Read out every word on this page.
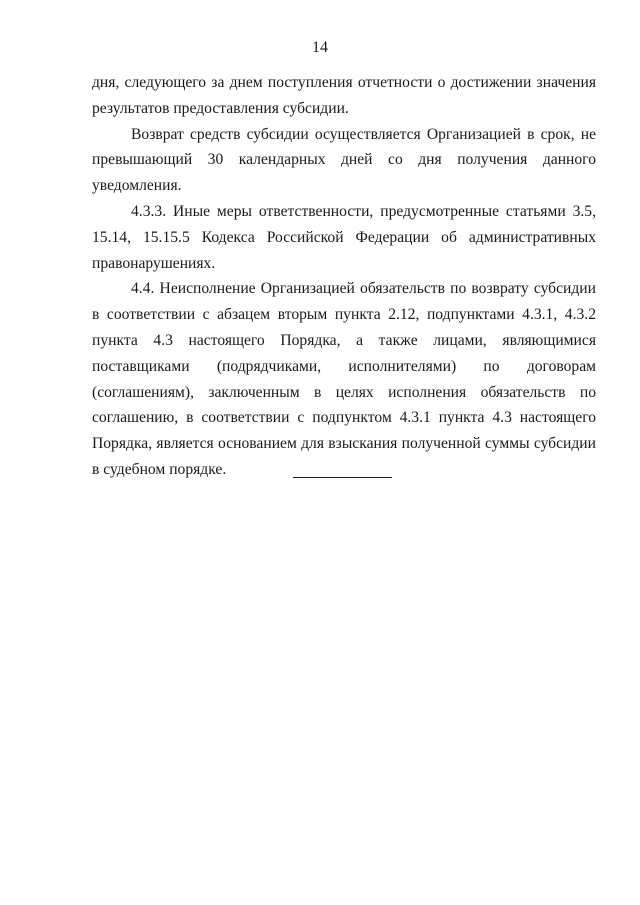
14

дня, следующего за днем поступления отчетности о достижении значения результатов предоставления субсидии.

Возврат средств субсидии осуществляется Организацией в срок, не превышающий 30 календарных дней со дня получения данного уведомления.

4.3.3. Иные меры ответственности, предусмотренные статьями 3.5, 15.14, 15.15.5 Кодекса Российской Федерации об административных правонарушениях.

4.4. Неисполнение Организацией обязательств по возврату субсидии в соответствии с абзацем вторым пункта 2.12, подпунктами 4.3.1, 4.3.2 пункта 4.3 настоящего Порядка, а также лицами, являющимися поставщиками (подрядчиками, исполнителями) по договорам (соглашениям), заключенным в целях исполнения обязательств по соглашению, в соответствии с подпунктом 4.3.1 пункта 4.3 настоящего Порядка, является основанием для взыскания полученной суммы субсидии в судебном порядке.
